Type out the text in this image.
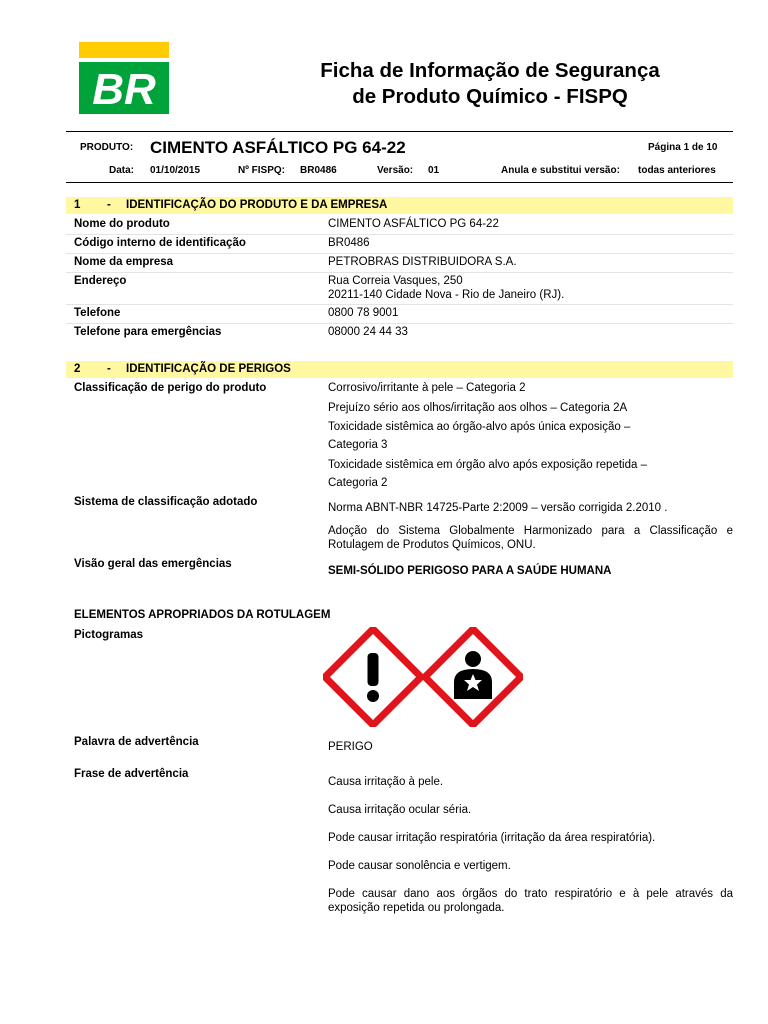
BR	Ficha de Informação de Segurança
de Produto Químico - FISPQ
PRODUTO: CIMENTO ASFÁLTICO PG 64-22	Página 1 de 10
Data: 01/10/2015	Nº FISPQ: BR0486	Versão: 01	Anula e substitui versão: todas anteriores
1 - IDENTIFICAÇÃO DO PRODUTO E DA EMPRESA
Nome do produto	CIMENTO ASFÁLTICO PG 64-22
Código interno de identificação	BR0486
Nome da empresa	PETROBRAS DISTRIBUIDORA S.A.
Endereço	Rua Correia Vasques, 250
20211-140 Cidade Nova - Rio de Janeiro (RJ).
Telefone	0800 78 9001
Telefone para emergências	08000 24 44 33
2 - IDENTIFICAÇÃO DE PERIGOS
Classificação de perigo do produto	Corrosivo/irritante à pele – Categoria 2
Prejuízo sério aos olhos/irritação aos olhos – Categoria 2A
Toxicidade sistêmica ao órgão-alvo após única exposição –
Categoria 3
Toxicidade sistêmica em órgão alvo após exposição repetida –
Categoria 2
Sistema de classificação adotado	Norma ABNT-NBR 14725-Parte 2:2009 – versão corrigida 2.2010 .
Adoção do Sistema Globalmente Harmonizado para a Classificação e Rotulagem de Produtos Químicos, ONU.
Visão geral das emergências
SEMI-SÓLIDO PERIGOSO PARA A SAÚDE HUMANA
ELEMENTOS APROPRIADOS DA ROTULAGEM
Pictogramas
Palavra de advertência	PERIGO
Frase de advertência
Causa irritação à pele.
Causa irritação ocular séria.
Pode causar irritação respiratória (irritação da área respiratória).
Pode causar sonolência e vertigem.
Pode causar dano aos órgãos do trato respiratório e à pele através da exposição repetida ou prolongada.
